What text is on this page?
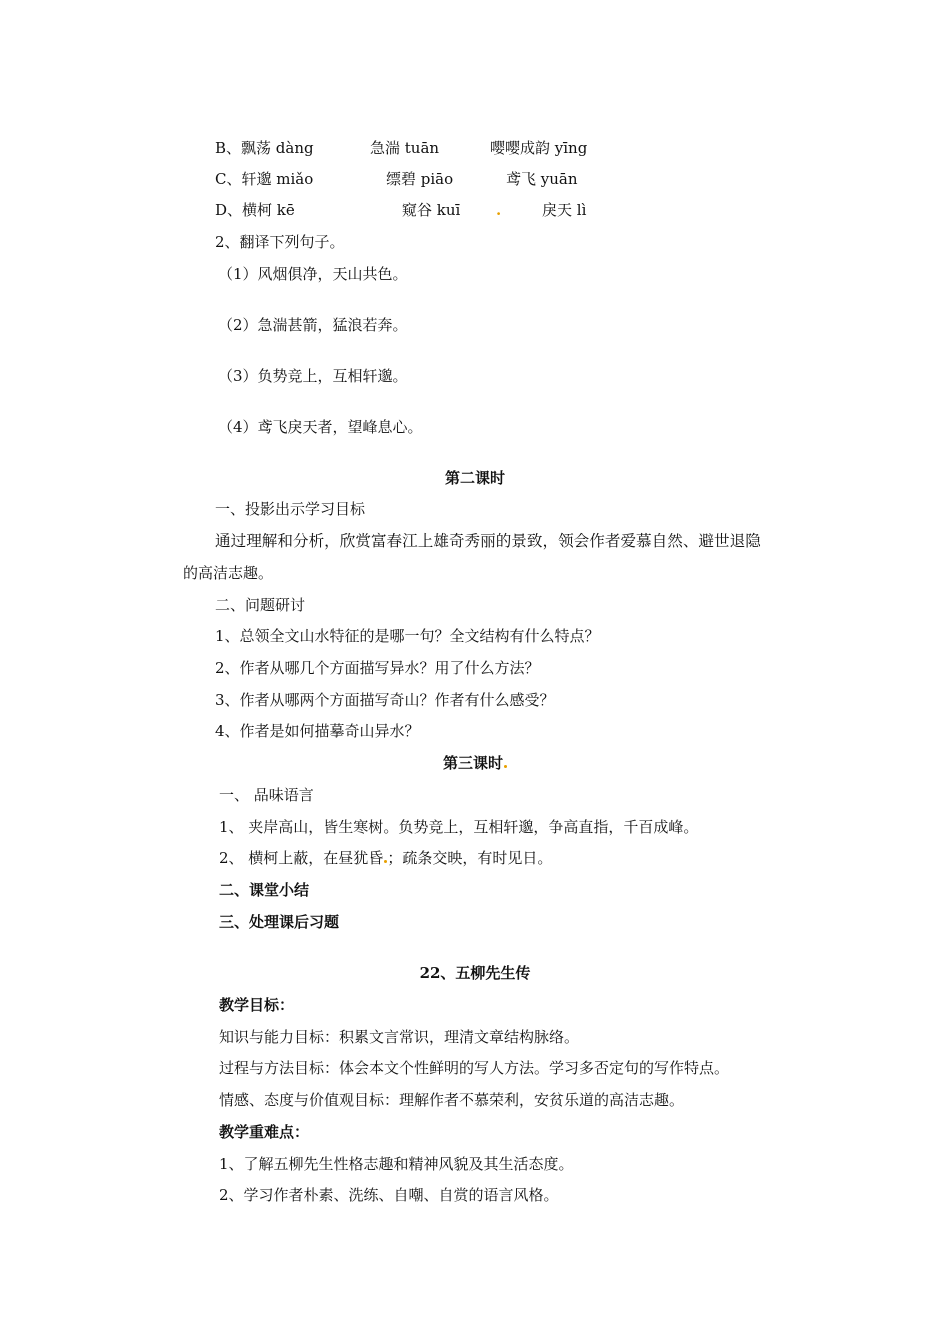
B、飘荡 dàng	急湍 tuān	嘤嘤成韵 yīng
C、轩邈 miǎo	缥碧 piāo	鸢飞 yuān
D、横柯 kē	窥谷 kuī .	戾天 lì
2、翻译下列句子。
（1）风烟俱净，天山共色。
（2）急湍甚箭，猛浪若奔。
（3）负势竞上，互相轩邈。
（4）鸢飞戾天者，望峰息心。
第二课时
一、投影出示学习目标
通过理解和分析，欣赏富春江上雄奇秀丽的景致，领会作者爱慕自然、避世退隐
的高洁志趣。
二、问题研讨
1、总领全文山水特征的是哪一句？全文结构有什么特点？
2、作者从哪几个方面描写异水？用了什么方法？
3、作者从哪两个方面描写奇山？作者有什么感受？
4、作者是如何描摹奇山异水？
第三课时
一、 品味语言
1、 夹岸高山，皆生寒树。负势竞上，互相轩邈，争高直指，千百成峰。
2、 横柯上蔽，在昼犹昏 ；疏条交映，有时见日。
二、课堂小结
三、处理课后习题
22、五柳先生传
教学目标：
知识与能力目标：积累文言常识，理清文章结构脉络。
过程与方法目标：体会本文个性鲜明的写人方法。学习多否定句的写作特点。
情感、态度与价值观目标：理解作者不慕荣利，安贫乐道的高洁志趣。
教学重难点：
1、了解五柳先生性格志趣和精神风貌及其生活态度。
2、学习作者朴素、洗练、自嘲、自赏的语言风格。
